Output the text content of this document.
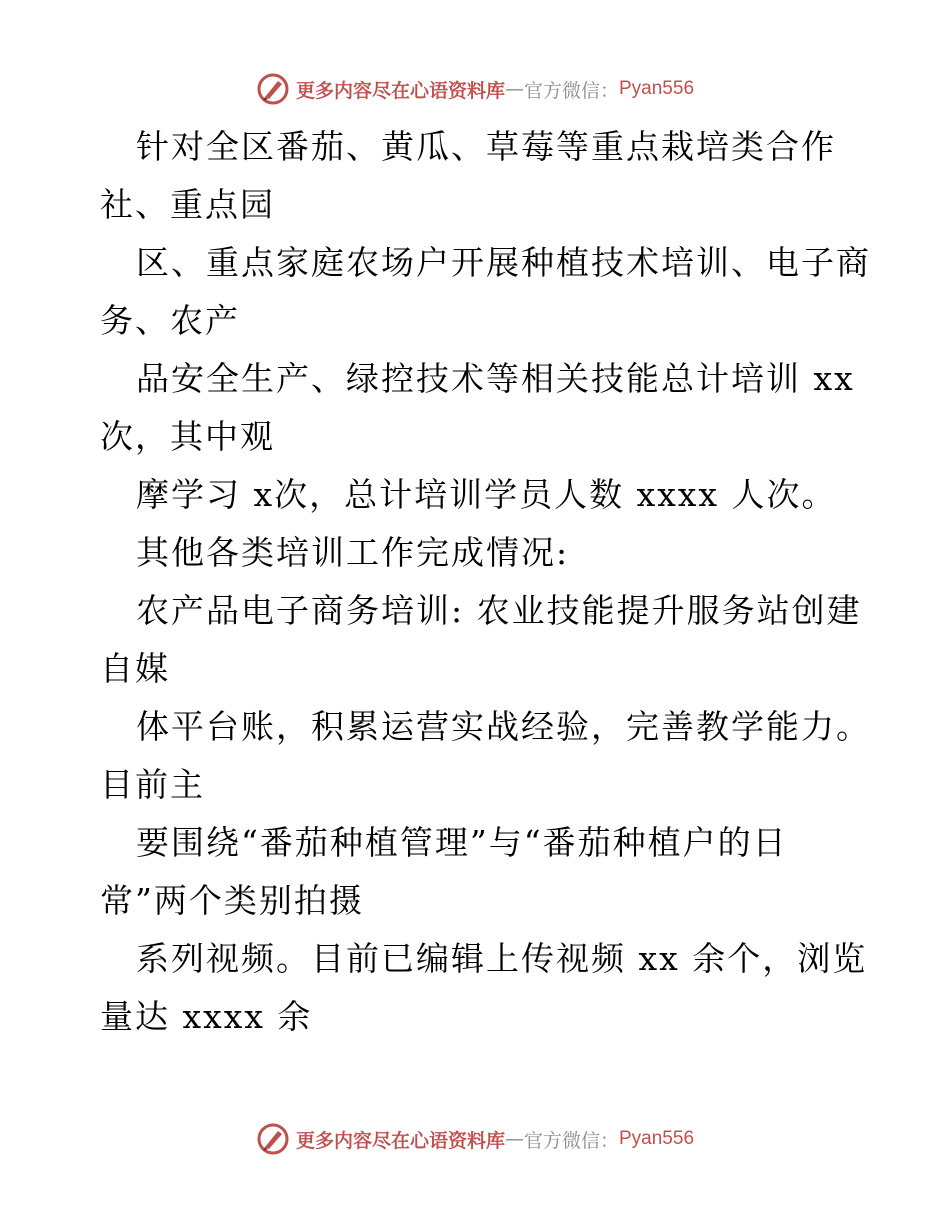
更多内容尽在心语资料库 — 官方微信： Pyan556
针对全区番茄、黄瓜、草莓等重点栽培类合作
社、重点园
区、重点家庭农场户开展种植技术培训、电子商
务、农产
品安全生产、绿控技术等相关技能总计培训 xx
次，其中观
摩学习 x次，总计培训学员人数 xxxx 人次。
其他各类培训工作完成情况:
农产品电子商务培训: 农业技能提升服务站创建
自媒
体平台账，积累运营实战经验，完善教学能力。
目前主
要围绕“番茄种植管理”与“番茄种植户的日
常”两个类别拍摄
系列视频。目前已编辑上传视频 xx 余个，浏览
量达 xxxx 余
更多内容尽在心语资料库 — 官方微信： Pyan556
